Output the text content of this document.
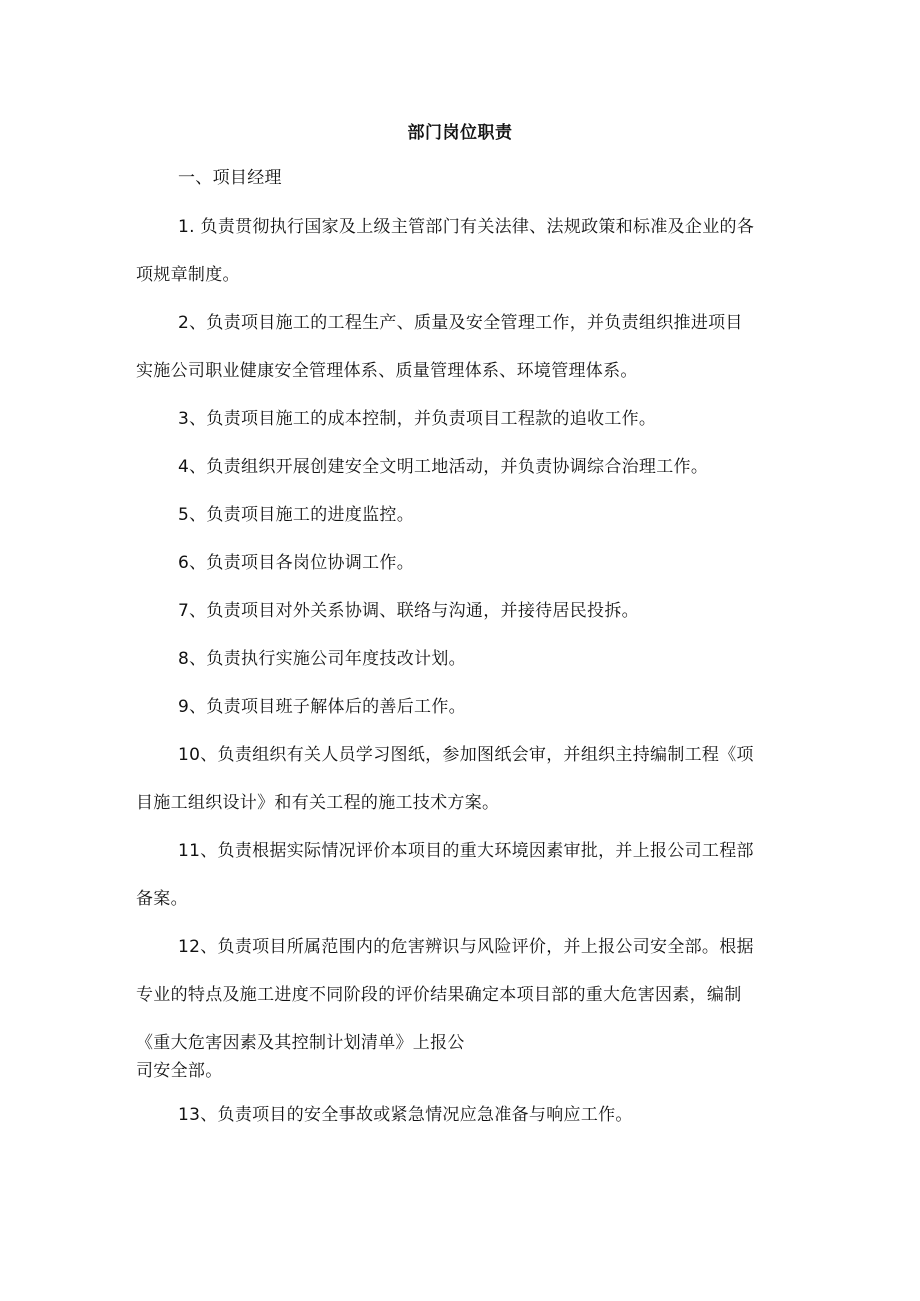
部门岗位职责
一、项目经理
1. 负责贯彻执行国家及上级主管部门有关法律、法规政策和标准及企业的各
项规章制度。
2、负责项目施工的工程生产、质量及安全管理工作，并负责组织推进项目
实施公司职业健康安全管理体系、质量管理体系、环境管理体系。
3、负责项目施工的成本控制，并负责项目工程款的追收工作。
4、负责组织开展创建安全文明工地活动，并负责协调综合治理工作。
5、负责项目施工的进度监控。
6、负责项目各岗位协调工作。
7、负责项目对外关系协调、联络与沟通，并接待居民投拆。
8、负责执行实施公司年度技改计划。
9、负责项目班子解体后的善后工作。
10、负责组织有关人员学习图纸，参加图纸会审，并组织主持编制工程《项
目施工组织设计》和有关工程的施工技术方案。
11、负责根据实际情况评价本项目的重大环境因素审批，并上报公司工程部
备案。
12、负责项目所属范围内的危害辨识与风险评价，并上报公司安全部。根据
专业的特点及施工进度不同阶段的评价结果确定本项目部的重大危害因素，编制
《重大危害因素及其控制计划清单》上报公
司安全部。
13、负责项目的安全事故或紧急情况应急准备与响应工作。
